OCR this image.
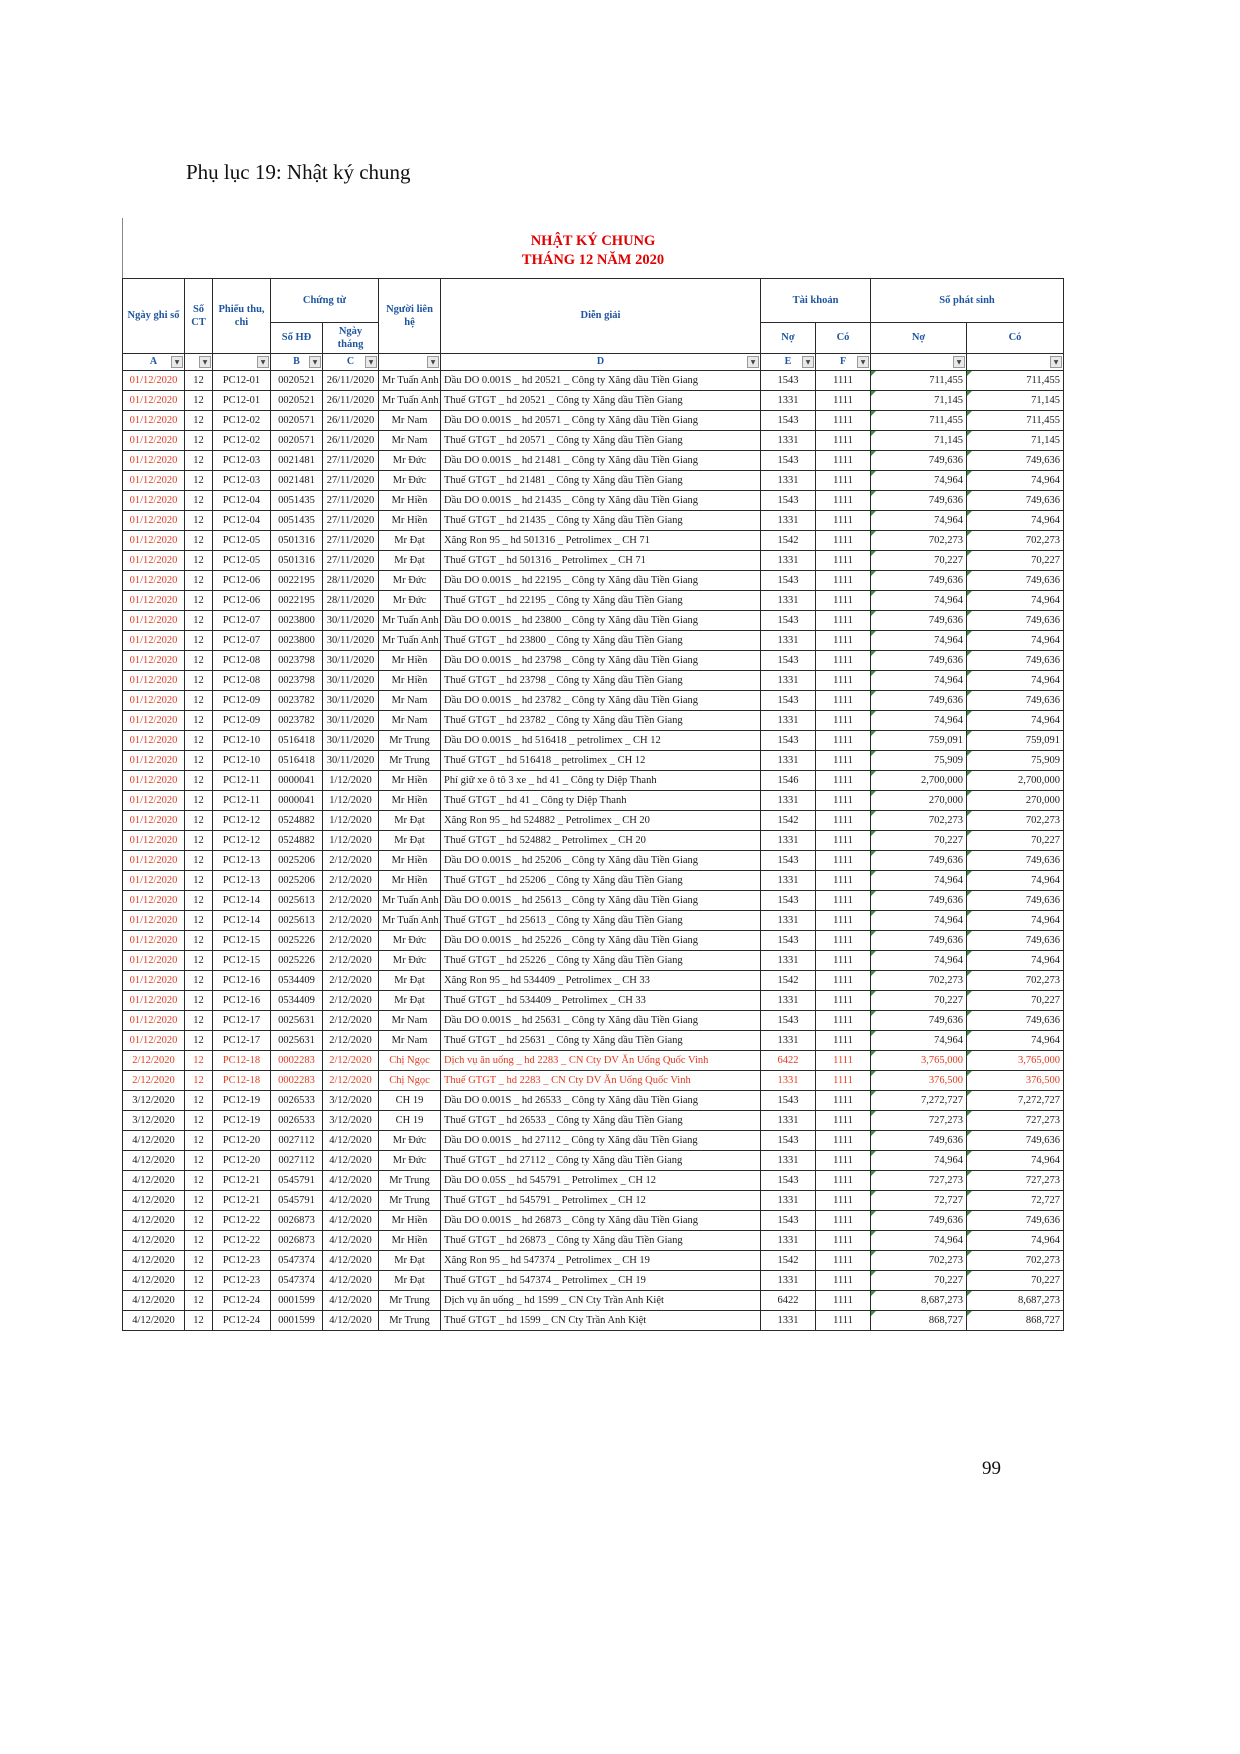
Phụ lục 19: Nhật ký chung
NHẬT KÝ CHUNG
THÁNG 12 NĂM 2020
Ngày ghi sổ	Số CT	Phiếu thu, chi	Chứng từ		Người liên hệ	Diễn giải	Tài khoản		Số phát sinh	
			Số HĐ	Ngày tháng			Nợ	Có	Nợ	Có
A ▼	▼	▼	B ▼	C ▼	▼	D ▼	E ▼	F ▼	▼	▼

01/12/2020	12	PC12-01	0020521	26/11/2020	Mr Tuấn Anh	Dầu DO 0.001S _ hd 20521 _ Công ty Xăng dầu Tiền Giang	1543	1111	711,455	711,455
01/12/2020	12	PC12-01	0020521	26/11/2020	Mr Tuấn Anh	Thuế GTGT _ hd 20521 _ Công ty Xăng dầu Tiền Giang	1331	1111	71,145	71,145
01/12/2020	12	PC12-02	0020571	26/11/2020	Mr Nam	Dầu DO 0.001S _ hd 20571 _ Công ty Xăng dầu Tiền Giang	1543	1111	711,455	711,455
01/12/2020	12	PC12-02	0020571	26/11/2020	Mr Nam	Thuế GTGT _ hd 20571 _ Công ty Xăng dầu Tiền Giang	1331	1111	71,145	71,145
01/12/2020	12	PC12-03	0021481	27/11/2020	Mr Đức	Dầu DO 0.001S _ hd 21481 _ Công ty Xăng dầu Tiền Giang	1543	1111	749,636	749,636
01/12/2020	12	PC12-03	0021481	27/11/2020	Mr Đức	Thuế GTGT _ hd 21481 _ Công ty Xăng dầu Tiền Giang	1331	1111	74,964	74,964
01/12/2020	12	PC12-04	0051435	27/11/2020	Mr Hiền	Dầu DO 0.001S _ hd 21435 _ Công ty Xăng dầu Tiền Giang	1543	1111	749,636	749,636
01/12/2020	12	PC12-04	0051435	27/11/2020	Mr Hiền	Thuế GTGT _ hd 21435 _ Công ty Xăng dầu Tiền Giang	1331	1111	74,964	74,964
01/12/2020	12	PC12-05	0501316	27/11/2020	Mr Đạt	Xăng Ron 95 _ hd 501316 _ Petrolimex _ CH 71	1542	1111	702,273	702,273
01/12/2020	12	PC12-05	0501316	27/11/2020	Mr Đạt	Thuế GTGT _ hd 501316 _ Petrolimex _ CH 71	1331	1111	70,227	70,227
01/12/2020	12	PC12-06	0022195	28/11/2020	Mr Đức	Dầu DO 0.001S _ hd 22195 _ Công ty Xăng dầu Tiền Giang	1543	1111	749,636	749,636
01/12/2020	12	PC12-06	0022195	28/11/2020	Mr Đức	Thuế GTGT _ hd 22195 _ Công ty Xăng dầu Tiền Giang	1331	1111	74,964	74,964
01/12/2020	12	PC12-07	0023800	30/11/2020	Mr Tuấn Anh	Dầu DO 0.001S _ hd 23800 _ Công ty Xăng dầu Tiền Giang	1543	1111	749,636	749,636
01/12/2020	12	PC12-07	0023800	30/11/2020	Mr Tuấn Anh	Thuế GTGT _ hd 23800 _ Công ty Xăng dầu Tiền Giang	1331	1111	74,964	74,964
01/12/2020	12	PC12-08	0023798	30/11/2020	Mr Hiền	Dầu DO 0.001S _ hd 23798 _ Công ty Xăng dầu Tiền Giang	1543	1111	749,636	749,636
01/12/2020	12	PC12-08	0023798	30/11/2020	Mr Hiền	Thuế GTGT _ hd 23798 _ Công ty Xăng dầu Tiền Giang	1331	1111	74,964	74,964
01/12/2020	12	PC12-09	0023782	30/11/2020	Mr Nam	Dầu DO 0.001S _ hd 23782 _ Công ty Xăng dầu Tiền Giang	1543	1111	749,636	749,636
01/12/2020	12	PC12-09	0023782	30/11/2020	Mr Nam	Thuế GTGT _ hd 23782 _ Công ty Xăng dầu Tiền Giang	1331	1111	74,964	74,964
01/12/2020	12	PC12-10	0516418	30/11/2020	Mr Trung	Dầu DO 0.001S _ hd 516418 _ petrolimex _ CH 12	1543	1111	759,091	759,091
01/12/2020	12	PC12-10	0516418	30/11/2020	Mr Trung	Thuế GTGT _ hd 516418 _ petrolimex _ CH 12	1331	1111	75,909	75,909
01/12/2020	12	PC12-11	0000041	1/12/2020	Mr Hiền	Phí giữ xe ô tô 3 xe _ hd 41 _ Công ty Diệp Thanh	1546	1111	2,700,000	2,700,000
01/12/2020	12	PC12-11	0000041	1/12/2020	Mr Hiền	Thuế GTGT _ hd 41 _ Công ty Diệp Thanh	1331	1111	270,000	270,000
01/12/2020	12	PC12-12	0524882	1/12/2020	Mr Đạt	Xăng Ron 95 _ hd 524882 _ Petrolimex _ CH 20	1542	1111	702,273	702,273
01/12/2020	12	PC12-12	0524882	1/12/2020	Mr Đạt	Thuế GTGT _ hd 524882 _ Petrolimex _ CH 20	1331	1111	70,227	70,227
01/12/2020	12	PC12-13	0025206	2/12/2020	Mr Hiền	Dầu DO 0.001S _ hd 25206 _ Công ty Xăng dầu Tiền Giang	1543	1111	749,636	749,636
01/12/2020	12	PC12-13	0025206	2/12/2020	Mr Hiền	Thuế GTGT _ hd 25206 _ Công ty Xăng dầu Tiền Giang	1331	1111	74,964	74,964
01/12/2020	12	PC12-14	0025613	2/12/2020	Mr Tuấn Anh	Dầu DO 0.001S _ hd 25613 _ Công ty Xăng dầu Tiền Giang	1543	1111	749,636	749,636
01/12/2020	12	PC12-14	0025613	2/12/2020	Mr Tuấn Anh	Thuế GTGT _ hd 25613 _ Công ty Xăng dầu Tiền Giang	1331	1111	74,964	74,964
01/12/2020	12	PC12-15	0025226	2/12/2020	Mr Đức	Dầu DO 0.001S _ hd 25226 _ Công ty Xăng dầu Tiền Giang	1543	1111	749,636	749,636
01/12/2020	12	PC12-15	0025226	2/12/2020	Mr Đức	Thuế GTGT _ hd 25226 _ Công ty Xăng dầu Tiền Giang	1331	1111	74,964	74,964
01/12/2020	12	PC12-16	0534409	2/12/2020	Mr Đạt	Xăng Ron 95 _ hd 534409 _ Petrolimex _ CH 33	1542	1111	702,273	702,273
01/12/2020	12	PC12-16	0534409	2/12/2020	Mr Đạt	Thuế GTGT _ hd 534409 _ Petrolimex _ CH 33	1331	1111	70,227	70,227
01/12/2020	12	PC12-17	0025631	2/12/2020	Mr Nam	Dầu DO 0.001S _ hd 25631 _ Công ty Xăng dầu Tiền Giang	1543	1111	749,636	749,636
01/12/2020	12	PC12-17	0025631	2/12/2020	Mr Nam	Thuế GTGT _ hd 25631 _ Công ty Xăng dầu Tiền Giang	1331	1111	74,964	74,964
2/12/2020	12	PC12-18	0002283	2/12/2020	Chị Ngọc	Dịch vụ ăn uống _ hd 2283 _ CN Cty DV Ăn Uống Quốc Vinh	6422	1111	3,765,000	3,765,000
2/12/2020	12	PC12-18	0002283	2/12/2020	Chị Ngọc	Thuế GTGT _ hd 2283 _ CN Cty DV Ăn Uống Quốc Vinh	1331	1111	376,500	376,500
3/12/2020	12	PC12-19	0026533	3/12/2020	CH 19	Dầu DO 0.001S _ hd 26533 _ Công ty Xăng dầu Tiền Giang	1543	1111	7,272,727	7,272,727
3/12/2020	12	PC12-19	0026533	3/12/2020	CH 19	Thuế GTGT _ hd 26533 _ Công ty Xăng dầu Tiền Giang	1331	1111	727,273	727,273
4/12/2020	12	PC12-20	0027112	4/12/2020	Mr Đức	Dầu DO 0.001S _ hd 27112 _ Công ty Xăng dầu Tiền Giang	1543	1111	749,636	749,636
4/12/2020	12	PC12-20	0027112	4/12/2020	Mr Đức	Thuế GTGT _ hd 27112 _ Công ty Xăng dầu Tiền Giang	1331	1111	74,964	74,964
4/12/2020	12	PC12-21	0545791	4/12/2020	Mr Trung	Dầu DO 0.05S _ hd 545791 _ Petrolimex _ CH 12	1543	1111	727,273	727,273
4/12/2020	12	PC12-21	0545791	4/12/2020	Mr Trung	Thuế GTGT _ hd 545791 _ Petrolimex _ CH 12	1331	1111	72,727	72,727
4/12/2020	12	PC12-22	0026873	4/12/2020	Mr Hiền	Dầu DO 0.001S _ hd 26873 _ Công ty Xăng dầu Tiền Giang	1543	1111	749,636	749,636
4/12/2020	12	PC12-22	0026873	4/12/2020	Mr Hiền	Thuế GTGT _ hd 26873 _ Công ty Xăng dầu Tiền Giang	1331	1111	74,964	74,964
4/12/2020	12	PC12-23	0547374	4/12/2020	Mr Đạt	Xăng Ron 95 _ hd 547374 _ Petrolimex _ CH 19	1542	1111	702,273	702,273
4/12/2020	12	PC12-23	0547374	4/12/2020	Mr Đạt	Thuế GTGT _ hd 547374 _ Petrolimex _ CH 19	1331	1111	70,227	70,227
4/12/2020	12	PC12-24	0001599	4/12/2020	Mr Trung	Dịch vụ ăn uống _ hd 1599 _ CN Cty Trần Anh Kiệt	6422	1111	8,687,273	8,687,273
4/12/2020	12	PC12-24	0001599	4/12/2020	Mr Trung	Thuế GTGT _ hd 1599 _ CN Cty Trần Anh Kiệt	1331	1111	868,727	868,727
99
